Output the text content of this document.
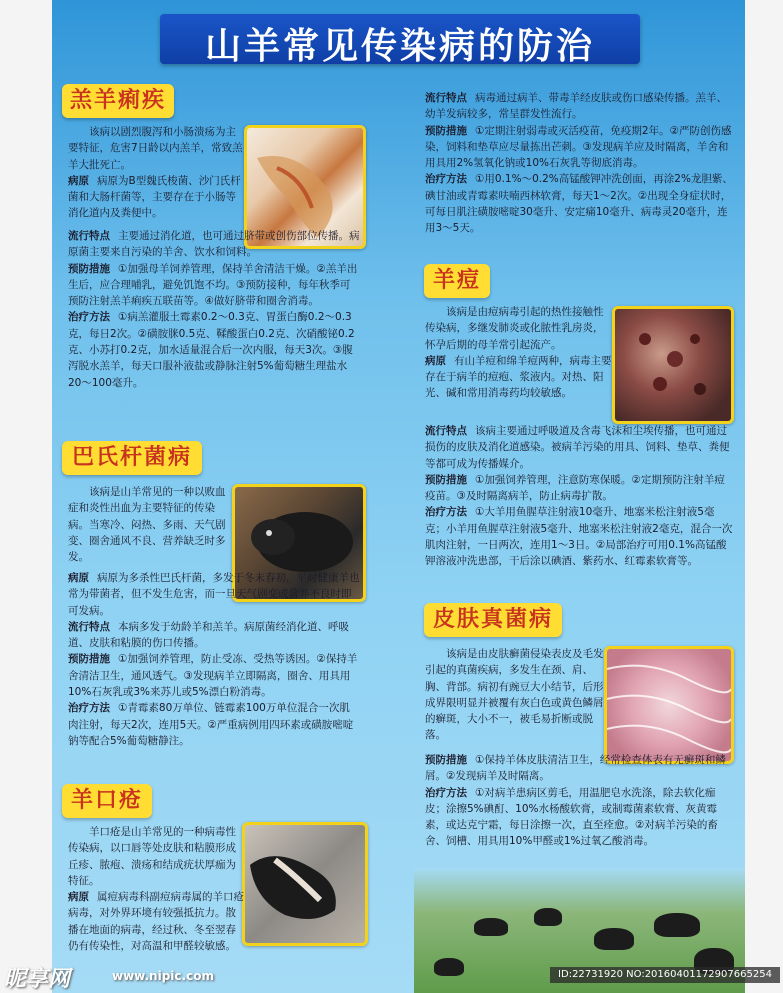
山羊常见传染病的防治
羔羊痢疾

该病以剧烈腹泻和小肠溃疡为主要特征，危害7日龄以内羔羊，常致羔羊大批死亡。

病原 病原为B型魏氏梭菌、沙门氏杆菌和大肠杆菌等，主要存在于小肠等消化道内及粪便中。

流行特点 主要通过消化道，也可通过脐带或创伤部位传播。病原菌主要来自污染的羊舍、饮水和饲料。

预防措施 ①加强母羊饲养管理，保持羊舍清洁干燥。②羔羊出生后，应合理哺乳，避免饥饱不均。③预防接种，每年秋季可预防注射羔羊痢疾五联苗等。④做好脐带和圈舍消毒。

治疗方法 ①病羔灌服土霉素0.2～0.3克、胃蛋白酶0.2～0.3克，每日2次。②磺胺脒0.5克、鞣酸蛋白0.2克、次硝酸铋0.2克、小苏打0.2克，加水适量混合后一次内服，每天3次。③腹泻脱水羔羊，每天口服补液盐或静脉注射5%葡萄糖生理盐水20～100毫升。

巴氏杆菌病

该病是山羊常见的一种以败血症和炎性出血为主要特征的传染病。当寒冷、闷热、多雨、天气剧变、圈舍通风不良、营养缺乏时多发。

病原 病原为多杀性巴氏杆菌，多发于冬末春初，平时健康羊也常为带菌者，但不发生危害，而一旦天气剧变或营养不良时即可发病。

流行特点 本病多发于幼龄羊和羔羊。病原菌经消化道、呼吸道、皮肤和粘膜的伤口传播。

预防措施 ①加强饲养管理，防止受冻、受热等诱因。②保持羊舍清洁卫生，通风透气。③发现病羊立即隔离，圈舍、用具用10%石灰乳或3%来苏儿或5%漂白粉消毒。

治疗方法 ①青霉素80万单位、链霉素100万单位混合一次肌肉注射，每天2次，连用5天。②严重病例用四环素或磺胺嘧啶钠等配合5%葡萄糖静注。

羊口疮

羊口疮是山羊常见的一种病毒性传染病，以口唇等处皮肤和粘膜形成丘疹、脓疱、溃疡和结成疣状厚痂为特征。

病原 属痘病毒科副痘病毒属的羊口疮病毒，对外界环境有较强抵抗力。散播在地面的病毒，经过秋、冬至翌春仍有传染性，对高温和甲醛较敏感。

流行特点 病毒通过病羊、带毒羊经皮肤或伤口感染传播。羔羊、幼羊发病较多，常呈群发性流行。

预防措施 ①定期注射弱毒或灭活疫苗，免疫期2年。②严防创伤感染，饲料和垫草应尽量拣出芒刺。③发现病羊应及时隔离，羊舍和用具用2%氢氧化钠或10%石灰乳等彻底消毒。

治疗方法 ①用0.1%～0.2%高锰酸钾冲洗创面，再涂2%龙胆紫、碘甘油或青霉素呋喃西林软膏，每天1～2次。②出现全身症状时，可每日肌注磺胺嘧啶30毫升、安定痛10毫升、病毒灵20毫升，连用3～5天。

羊痘

该病是由痘病毒引起的热性接触性传染病，多继发肺炎或化脓性乳房炎，怀孕后期的母羊常引起流产。

病原 有山羊痘和绵羊痘两种，病毒主要存在于病羊的痘疱、浆液内。对热、阳光、碱和常用消毒药均较敏感。

流行特点 该病主要通过呼吸道及含毒飞沫和尘埃传播，也可通过损伤的皮肤及消化道感染。被病羊污染的用具、饲料、垫草、粪便等都可成为传播媒介。

预防措施 ①加强饲养管理，注意防寒保暖。②定期预防注射羊痘疫苗。③及时隔离病羊，防止病毒扩散。

治疗方法 ①大羊用鱼腥草注射液10毫升、地塞米松注射液5毫克；小羊用鱼腥草注射液5毫升、地塞米松注射液2毫克，混合一次肌肉注射，一日两次，连用1～3日。②局部治疗可用0.1%高锰酸钾溶液冲洗患部，干后涂以碘酒、紫药水、红霉素软膏等。

皮肤真菌病

该病是由皮肤癣菌侵染表皮及毛发引起的真菌疾病，多发生在颈、肩、胸、背部。病初有豌豆大小结节，后形成界限明显并被覆有灰白色或黄色鳞屑的癣斑，大小不一，被毛易折断或脱落。

预防措施 ①保持羊体皮肤清洁卫生，经常检查体表有无癣斑和鳞屑。②发现病羊及时隔离。

治疗方法 ①对病羊患病区剪毛，用温肥皂水洗涤，除去软化痂皮；涂擦5%碘酊、10%水杨酸软膏，或制霉菌素软膏、灰黄霉素，或达克宁霜，每日涂擦一次，直至痊愈。②对病羊污染的畜舍、饲槽、用具用10%甲醛或1%过氧乙酸消毒。

昵享网	www.nipic.com	ID:22731920 NO:20160401172907665254
